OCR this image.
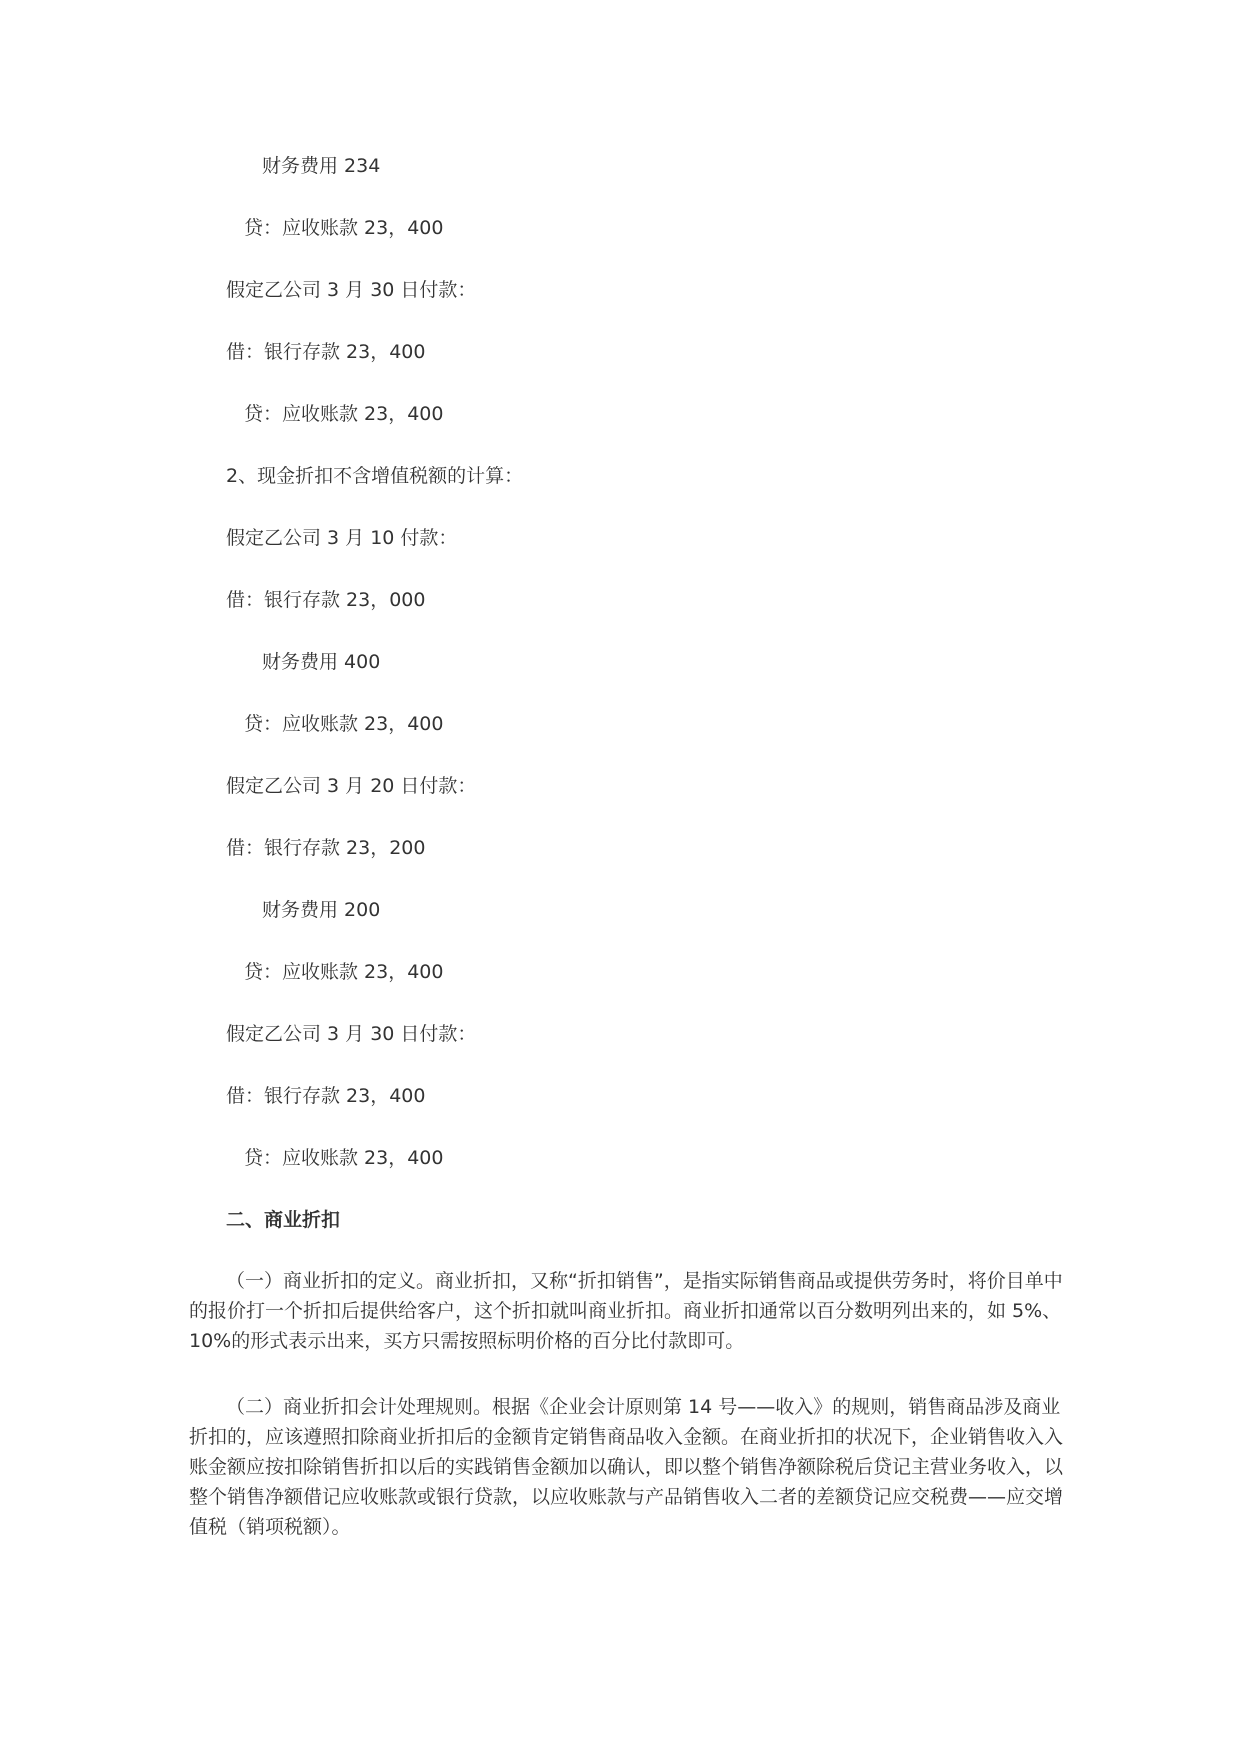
财务费用 234
贷：应收账款 23，400
假定乙公司 3 月 30 日付款：
借：银行存款 23，400
贷：应收账款 23，400
2、现金折扣不含增值税额的计算：
假定乙公司 3 月 10 付款：
借：银行存款 23，000
财务费用 400
贷：应收账款 23，400
假定乙公司 3 月 20 日付款：
借：银行存款 23，200
财务费用 200
贷：应收账款 23，400
假定乙公司 3 月 30 日付款：
借：银行存款 23，400
贷：应收账款 23，400
二、商业折扣
（一）商业折扣的定义。商业折扣，又称“折扣销售”，是指实际销售商品或提供劳务时，将价目单中
的报价打一个折扣后提供给客户，这个折扣就叫商业折扣。商业折扣通常以百分数明列出来的，如 5%、
10%的形式表示出来，买方只需按照标明价格的百分比付款即可。
（二）商业折扣会计处理规则。根据《企业会计原则第 14 号——收入》的规则，销售商品涉及商业
折扣的，应该遵照扣除商业折扣后的金额肯定销售商品收入金额。在商业折扣的状况下，企业销售收入入
账金额应按扣除销售折扣以后的实践销售金额加以确认，即以整个销售净额除税后贷记主营业务收入，以
整个销售净额借记应收账款或银行贷款，以应收账款与产品销售收入二者的差额贷记应交税费——应交增
值税（销项税额）。
